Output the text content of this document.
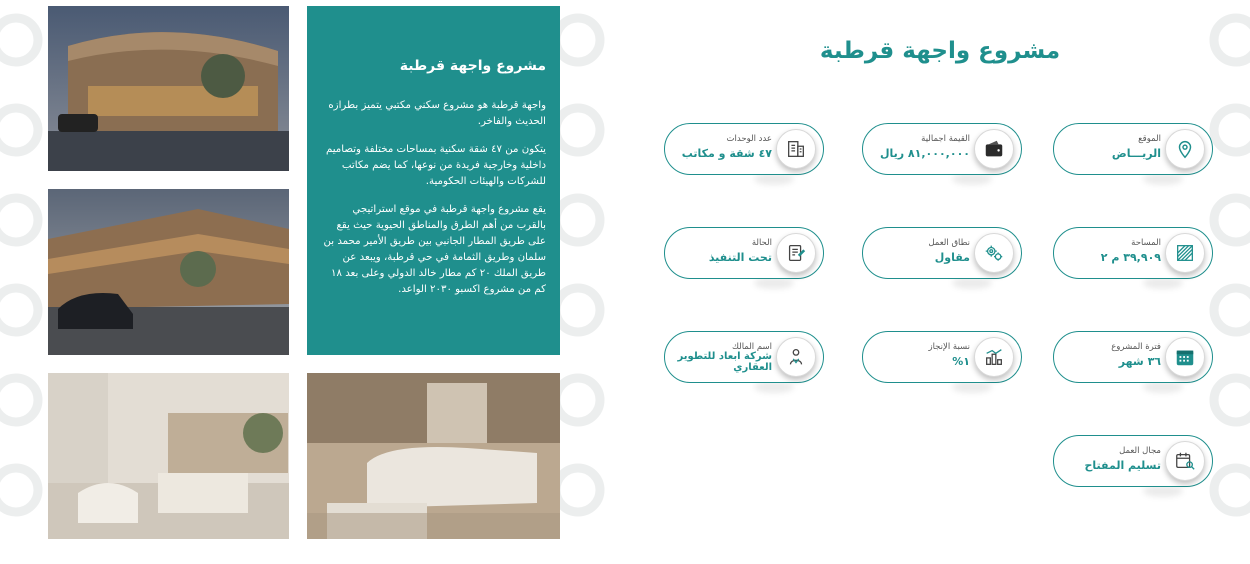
مشروع واجهة قرطبة

واجهة قرطبة هو مشروع سكني مكتبي يتميز بطرازه الحديث والفاخر.

يتكون من ٤٧ شقة سكنية بمساحات مختلفة وتصاميم داخلية وخارجية فريدة من نوعها، كما يضم مكاتب للشركات والهيئات الحكومية.

يقع مشروع واجهة قرطبة في موقع استراتيجي بالقرب من أهم الطرق والمناطق الحيوية حيث يقع على طريق المطار الجانبي بين طريق الأمير محمد بن سلمان وطريق الثمامة في حي قرطبة، ويبعد عن طريق الملك ٢٠ كم مطار خالد الدولي وعلى بعد ١٨ كم من مشروع اكسبو ٢٠٣٠ الواعد.

مشروع واجهة قرطبة
الموقع
الريـــاض
القيمة اجمالية
٨١,٠٠٠,٠٠٠ ريال
عدد الوحدات
٤٧ شقة و مكاتب
المساحة
٣٩,٩٠٩ م ٢
نطاق العمل
مقاول
الحالة
تحت التنفيذ
فترة المشروع
٣٦ شهر
نسبة الإنجاز
١%
اسم المالك
شركة ابعاد للتطوير العقاري
مجال العمل
تسليم المفتاح
